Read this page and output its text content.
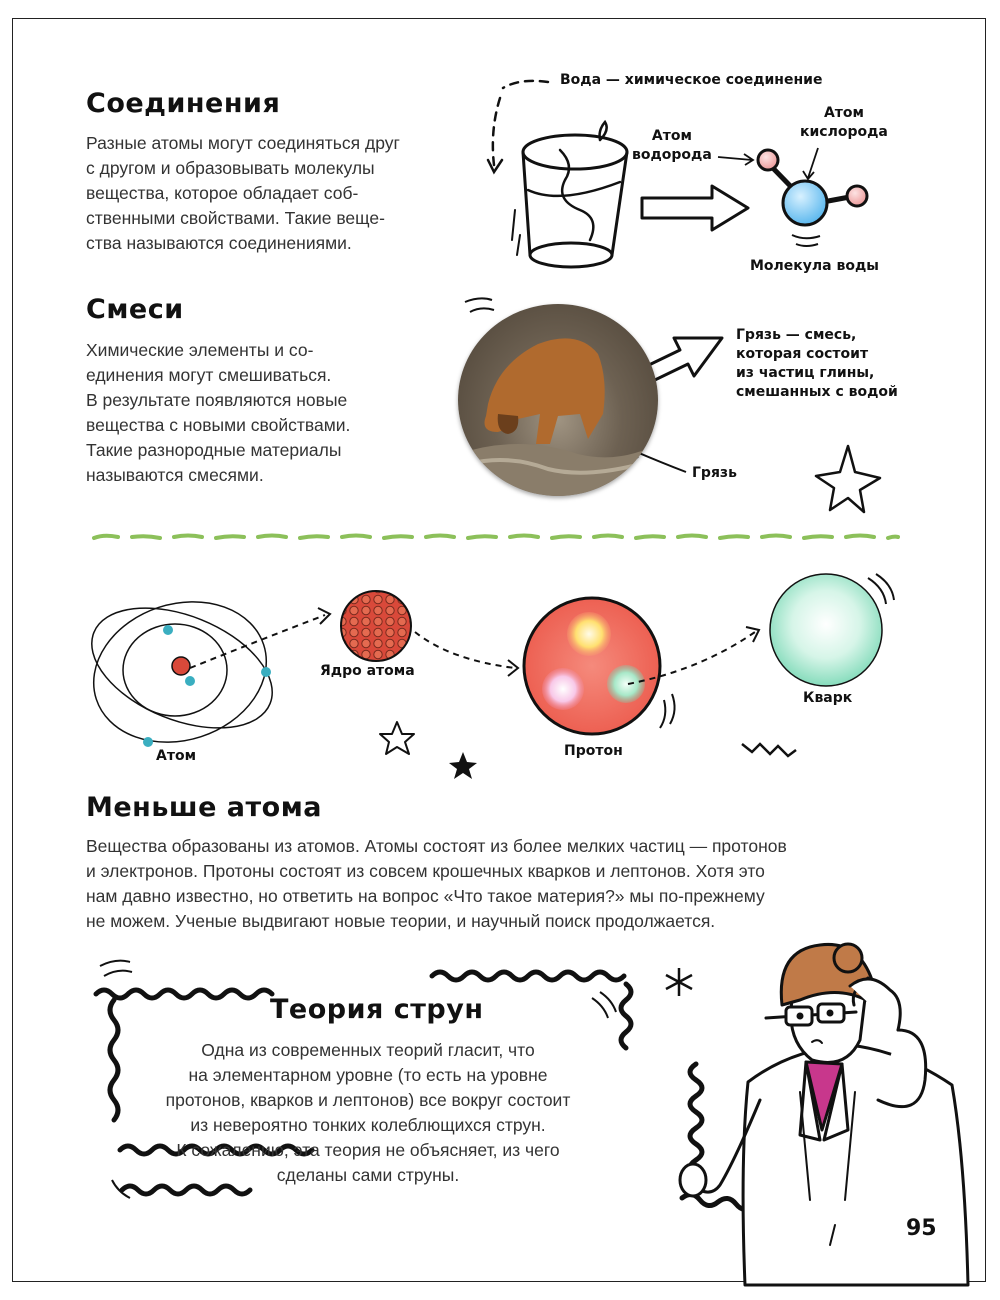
Соединения

Разные атомы могут соединяться друг
с другом и образовывать молекулы
вещества, которое обладает соб-
ственными свойствами. Такие веще-
ства называются соединениями.

Вода — химическое соединение
Атом
водорода
Атом
кислорода
Молекула воды
Смеси

Химические элементы и со-
единения могут смешиваться.
В результате появляются новые
вещества с новыми свойствами.
Такие разнородные материалы
называются смесями.

Грязь — смесь,
которая состоит
из частиц глины,
смешанных с водой
Грязь
Атом
Ядро атома
Протон
Кварк
Меньше атома

Вещества образованы из атомов. Атомы состоят из более мелких частиц — протонов
и электронов. Протоны состоят из совсем крошечных кварков и лептонов. Хотя это
нам давно известно, но ответить на вопрос «Что такое материя?» мы по-прежнему
не можем. Ученые выдвигают новые теории, и научный поиск продолжается.

Теория струн

Одна из современных теорий гласит, что
на элементарном уровне (то есть на уровне
протонов, кварков и лептонов) все вокруг состоит
из невероятно тонких колеблющихся струн.
К сожалению, эта теория не объясняет, из чего
сделаны сами струны.

95
